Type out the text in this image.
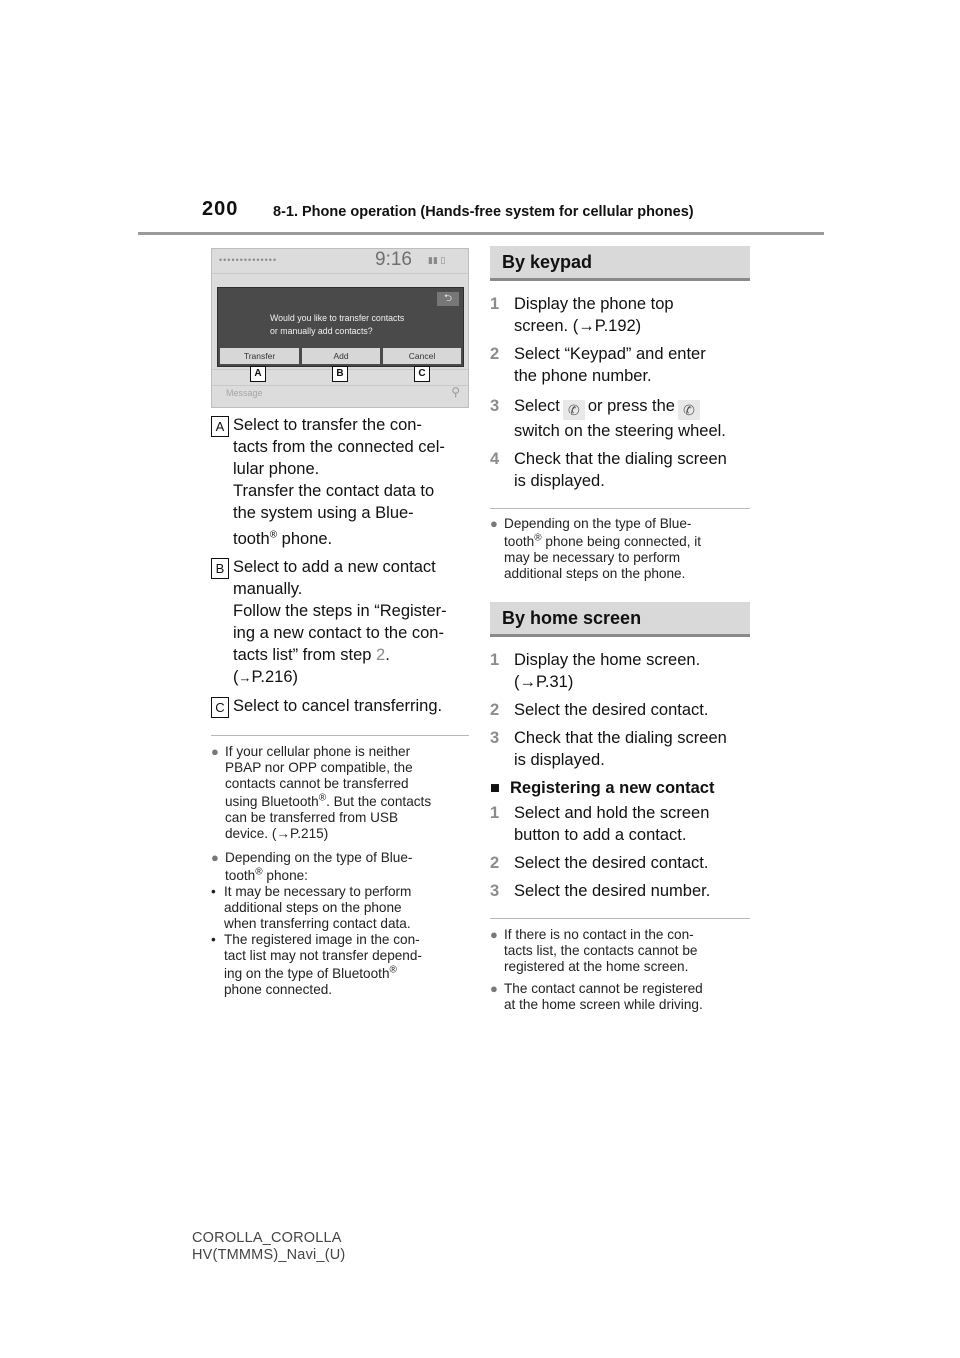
200 8-1. Phone operation (Hands-free system for cellular phones)
••••••••••••••	9:16 ▮▮ ▯
Message	⚲
⮌
Would you like to transfer contacts
or manually add contacts?
Transfer	Add	Cancel
A	B	C
A Select to transfer the con-
tacts from the connected cel-
lular phone.
Transfer the contact data to
the system using a Blue-
tooth® phone.
B Select to add a new contact
manually.
Follow the steps in “Register-
ing a new contact to the con-
tacts list” from step 2.
(→P.216)
C Select to cancel transferring.
● If your cellular phone is neither
PBAP nor OPP compatible, the
contacts cannot be transferred
using Bluetooth®. But the contacts
can be transferred from USB
device. (→P.215)
● Depending on the type of Blue-
tooth® phone:
• It may be necessary to perform
additional steps on the phone
when transferring contact data.
• The registered image in the con-
tact list may not transfer depend-
ing on the type of Bluetooth®
phone connected.
By keypad
1 Display the phone top
screen. (→P.192)
2 Select “Keypad” and enter
the phone number.
3 Select ✆ or press the ✆
switch on the steering wheel.
4 Check that the dialing screen
is displayed.
● Depending on the type of Blue-
tooth® phone being connected, it
may be necessary to perform
additional steps on the phone.
By home screen
1 Display the home screen.
(→P.31)
2 Select the desired contact.
3 Check that the dialing screen
is displayed.
■ Registering a new contact
1 Select and hold the screen
button to add a contact.
2 Select the desired contact.
3 Select the desired number.
● If there is no contact in the con-
tacts list, the contacts cannot be
registered at the home screen.
● The contact cannot be registered
at the home screen while driving.
COROLLA_COROLLA
HV(TMMMS)_Navi_(U)
